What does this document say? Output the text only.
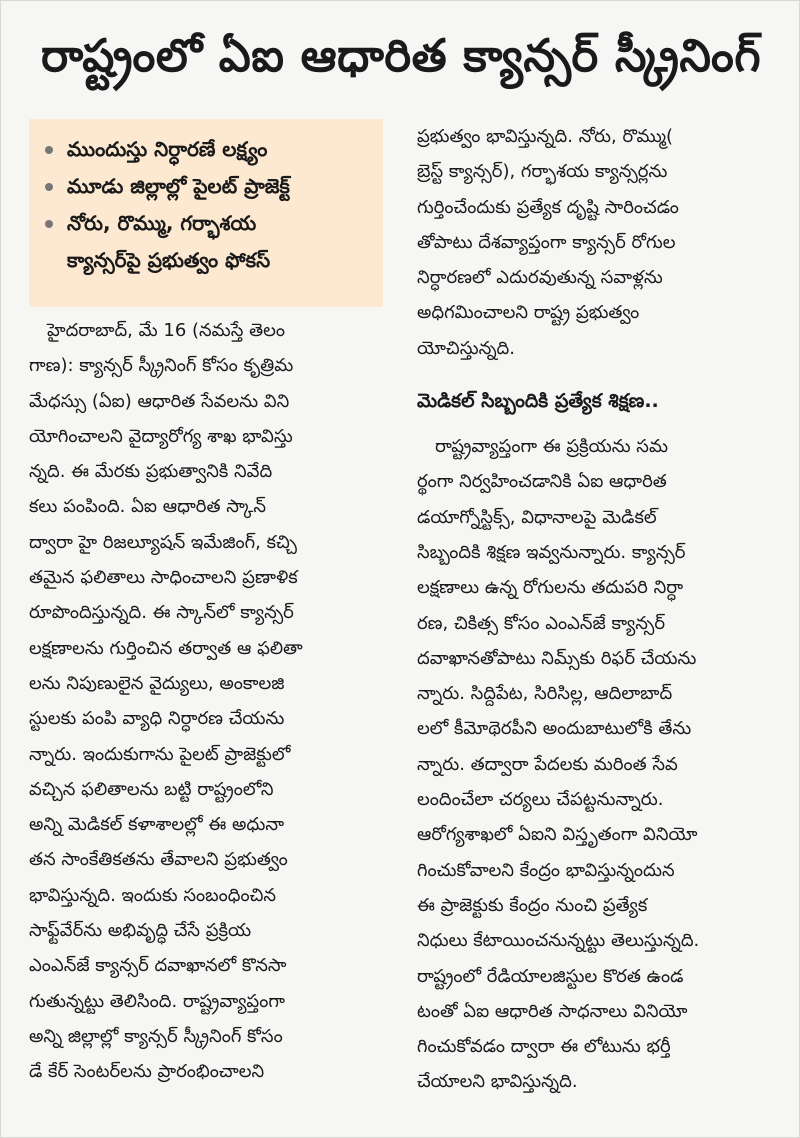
రాష్ట్రంలో ఏఐ ఆధారిత క్యాన్సర్ స్క్రీనింగ్
ముందుస్తు నిర్ధారణే లక్ష్యం
మూడు జిల్లాల్లో పైలట్ ప్రాజెక్ట్
నోరు, రొమ్ము, గర్భాశయ
క్యాన్సర్‌పై ప్రభుత్వం ఫోకస్
హైదరాబాద్, మే 16 (నమస్తే తెలం
గాణ): క్యాన్సర్ స్క్రీనింగ్ కోసం కృత్రిమ
మేధస్సు (ఏఐ) ఆధారిత సేవలను విని
యోగించాలని వైద్యారోగ్య శాఖ భావిస్తు
న్నది. ఈ మేరకు ప్రభుత్వానికి నివేది
కలు పంపింది. ఏఐ ఆధారిత స్కాన్
ద్వారా హై రిజల్యూషన్ ఇమేజింగ్, కచ్చి
తమైన ఫలితాలు సాధించాలని ప్రణాళిక
రూపొందిస్తున్నది. ఈ స్కాన్‌లో క్యాన్సర్
లక్షణాలను గుర్తించిన తర్వాత ఆ ఫలితా
లను నిపుణులైన వైద్యులు, అంకాలజి
స్టులకు పంపి వ్యాధి నిర్ధారణ చేయను
న్నారు. ఇందుకుగాను పైలట్ ప్రాజెక్టులో
వచ్చిన ఫలితాలను బట్టి రాష్ట్రంలోని
అన్ని మెడికల్ కళాశాలల్లో ఈ అధునా
తన సాంకేతికతను తేవాలని ప్రభుత్వం
భావిస్తున్నది. ఇందుకు సంబంధించిన
సాఫ్ట్‌వేర్‌ను అభివృద్ధి చేసే ప్రక్రియ
ఎంఎన్‌జే క్యాన్సర్ దవాఖానలో కొనసా
గుతున్నట్టు తెలిసింది. రాష్ట్రవ్యాప్తంగా
అన్ని జిల్లాల్లో క్యాన్సర్ స్క్రీనింగ్ కోసం
డే కేర్ సెంటర్‌లను ప్రారంభించాలని
ప్రభుత్వం భావిస్తున్నది. నోరు, రొమ్ము(
బ్రెస్ట్ క్యాన్సర్), గర్భాశయ క్యాన్సర్లను
గుర్తించేందుకు ప్రత్యేక దృష్టి సారించడం
తోపాటు దేశవ్యాప్తంగా క్యాన్సర్ రోగుల
నిర్ధారణలో ఎదురవుతున్న సవాళ్లను
అధిగమించాలని రాష్ట్ర ప్రభుత్వం
యోచిస్తున్నది.
మెడికల్ సిబ్బందికి ప్రత్యేక శిక్షణ..
రాష్ట్రవ్యాప్తంగా ఈ ప్రక్రియను సమ
ర్థంగా నిర్వహించడానికి ఏఐ ఆధారిత
డయాగ్నోస్టిక్స్, విధానాలపై మెడికల్
సిబ్బందికి శిక్షణ ఇవ్వనున్నారు. క్యాన్సర్
లక్షణాలు ఉన్న రోగులను తదుపరి నిర్ధా
రణ, చికిత్స కోసం ఎంఎన్‌జే క్యాన్సర్
దవాఖానతోపాటు నిమ్స్‌కు రిఫర్ చేయను
న్నారు. సిద్దిపేట, సిరిసిల్ల, ఆదిలాబాద్
లలో కీమోథెరపీని అందుబాటులోకి తేను
న్నారు. తద్వారా పేదలకు మరింత సేవ
లందించేలా చర్యలు చేపట్టనున్నారు.
ఆరోగ్యశాఖలో ఏఐని విస్తృతంగా వినియో
గించుకోవాలని కేంద్రం భావిస్తున్నందున
ఈ ప్రాజెక్టుకు కేంద్రం నుంచి ప్రత్యేక
నిధులు కేటాయించనున్నట్టు తెలుస్తున్నది.
రాష్ట్రంలో రేడియాలజిస్టుల కొరత ఉండ
టంతో ఏఐ ఆధారిత సాధనాలు వినియో
గించుకోవడం ద్వారా ఈ లోటును భర్తీ
చేయాలని భావిస్తున్నది.
